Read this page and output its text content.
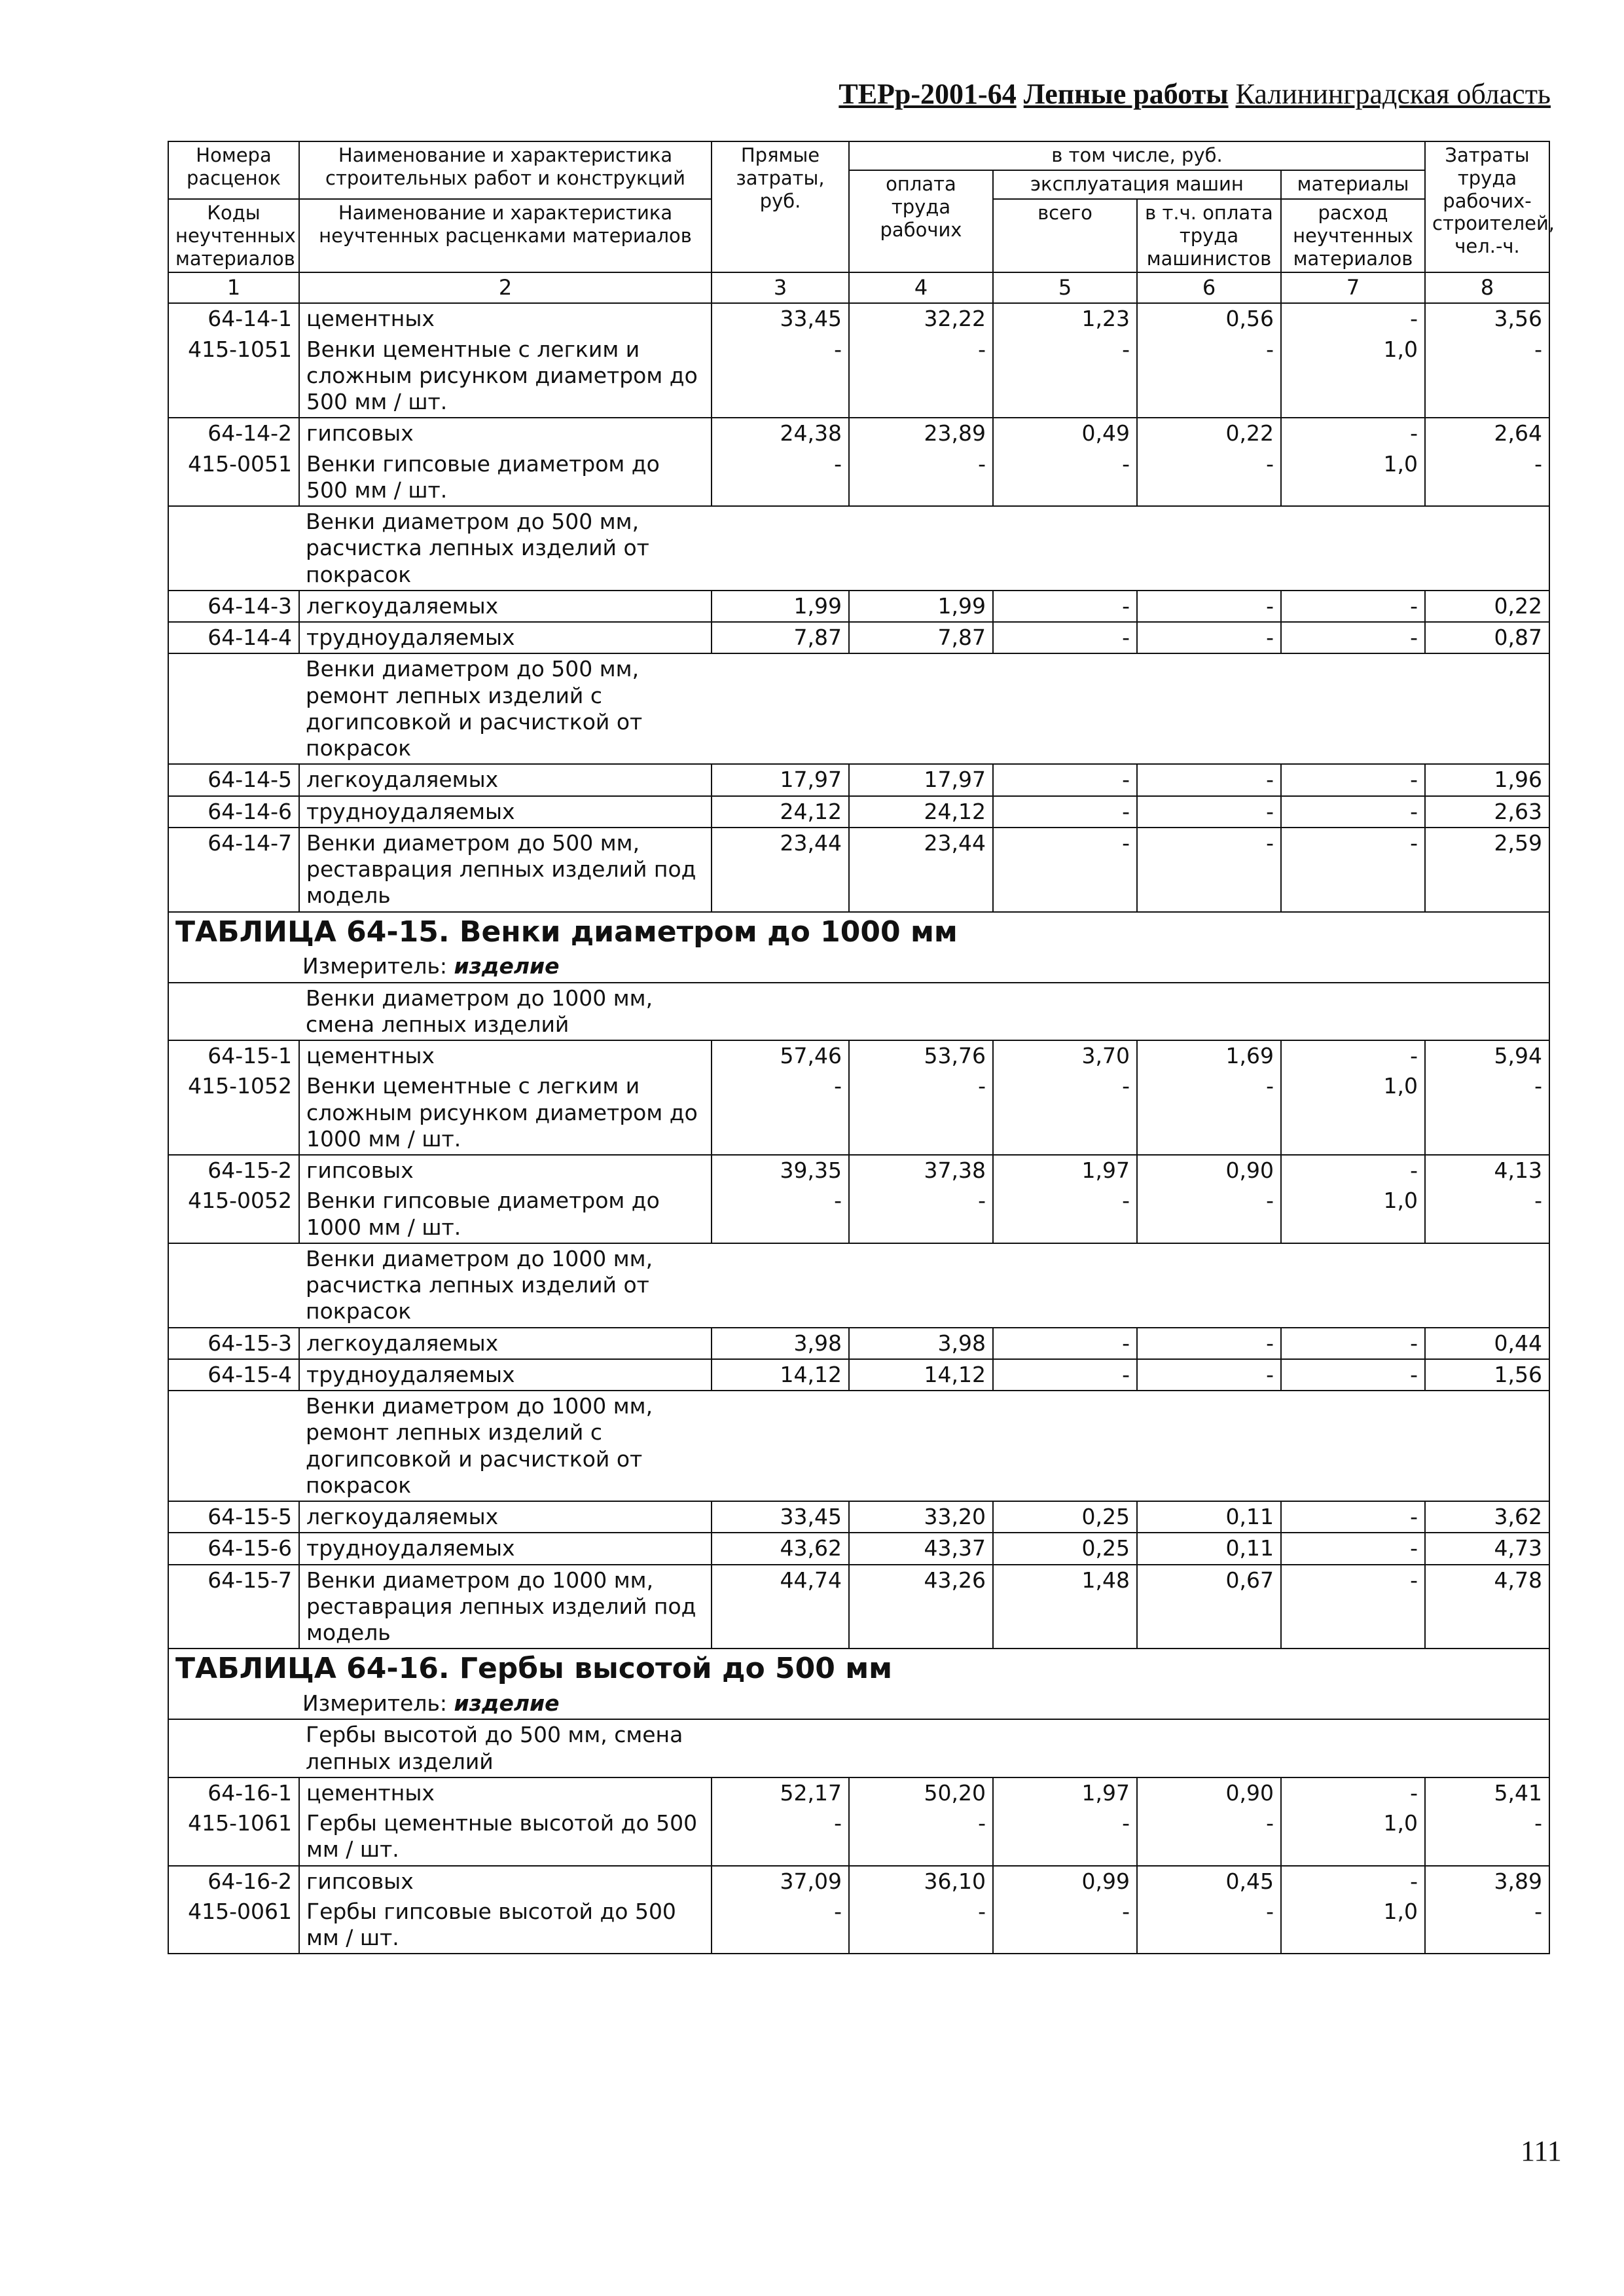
ТЕРр-2001-64 Лепные работы Калининградская область
Номера расценок	Наименование и характеристика строительных работ и конструкций	Прямые затраты, руб.	в том числе, руб.				Затраты труда рабочих-строителей, чел.-ч.
			оплата труда рабочих	эксплуатация машин		материалы	
Коды неучтенных материалов	Наименование и характеристика неучтенных расценками материалов			всего	в т.ч. оплата труда машинистов	расход неучтенных материалов	

1	2	3	4	5	6	7	8
64-14-1	цементных	33,45	32,22	1,23	0,56	-	3,56
415-1051	Венки цементные с легким и сложным рисунком диаметром до 500 мм / шт.	-	-	-	-	1,0	-
64-14-2	гипсовых	24,38	23,89	0,49	0,22	-	2,64
415-0051	Венки гипсовые диаметром до 500 мм / шт.	-	-	-	-	1,0	-

	Венки диаметром до 500 мм, расчистка лепных изделий от покрасок						

64-14-3	легкоудаляемых	1,99	1,99	-	-	-	0,22
64-14-4	трудноудаляемых	7,87	7,87	-	-	-	0,87

	Венки диаметром до 500 мм, ремонт лепных изделий с догипсовкой и расчисткой от покрасок						

64-14-5	легкоудаляемых	17,97	17,97	-	-	-	1,96
64-14-6	трудноудаляемых	24,12	24,12	-	-	-	2,63
64-14-7	Венки диаметром до 500 мм, реставрация лепных изделий под модель	23,44	23,44	-	-	-	2,59
ТАБЛИЦА 64-15. Венки диаметром до 1000 мм							
Измеритель: изделие							

	Венки диаметром до 1000 мм, смена лепных изделий						

64-15-1	цементных	57,46	53,76	3,70	1,69	-	5,94
415-1052	Венки цементные с легким и сложным рисунком диаметром до 1000 мм / шт.	-	-	-	-	1,0	-
64-15-2	гипсовых	39,35	37,38	1,97	0,90	-	4,13
415-0052	Венки гипсовые диаметром до 1000 мм / шт.	-	-	-	-	1,0	-

	Венки диаметром до 1000 мм, расчистка лепных изделий от покрасок						

64-15-3	легкоудаляемых	3,98	3,98	-	-	-	0,44
64-15-4	трудноудаляемых	14,12	14,12	-	-	-	1,56

	Венки диаметром до 1000 мм, ремонт лепных изделий с догипсовкой и расчисткой от покрасок						

64-15-5	легкоудаляемых	33,45	33,20	0,25	0,11	-	3,62
64-15-6	трудноудаляемых	43,62	43,37	0,25	0,11	-	4,73
64-15-7	Венки диаметром до 1000 мм, реставрация лепных изделий под модель	44,74	43,26	1,48	0,67	-	4,78
ТАБЛИЦА 64-16. Гербы высотой до 500 мм							
Измеритель: изделие							

	Гербы высотой до 500 мм, смена лепных изделий						

64-16-1	цементных	52,17	50,20	1,97	0,90	-	5,41
415-1061	Гербы цементные высотой до 500 мм / шт.	-	-	-	-	1,0	-
64-16-2	гипсовых	37,09	36,10	0,99	0,45	-	3,89
415-0061	Гербы гипсовые высотой до 500 мм / шт.	-	-	-	-	1,0	-
111
